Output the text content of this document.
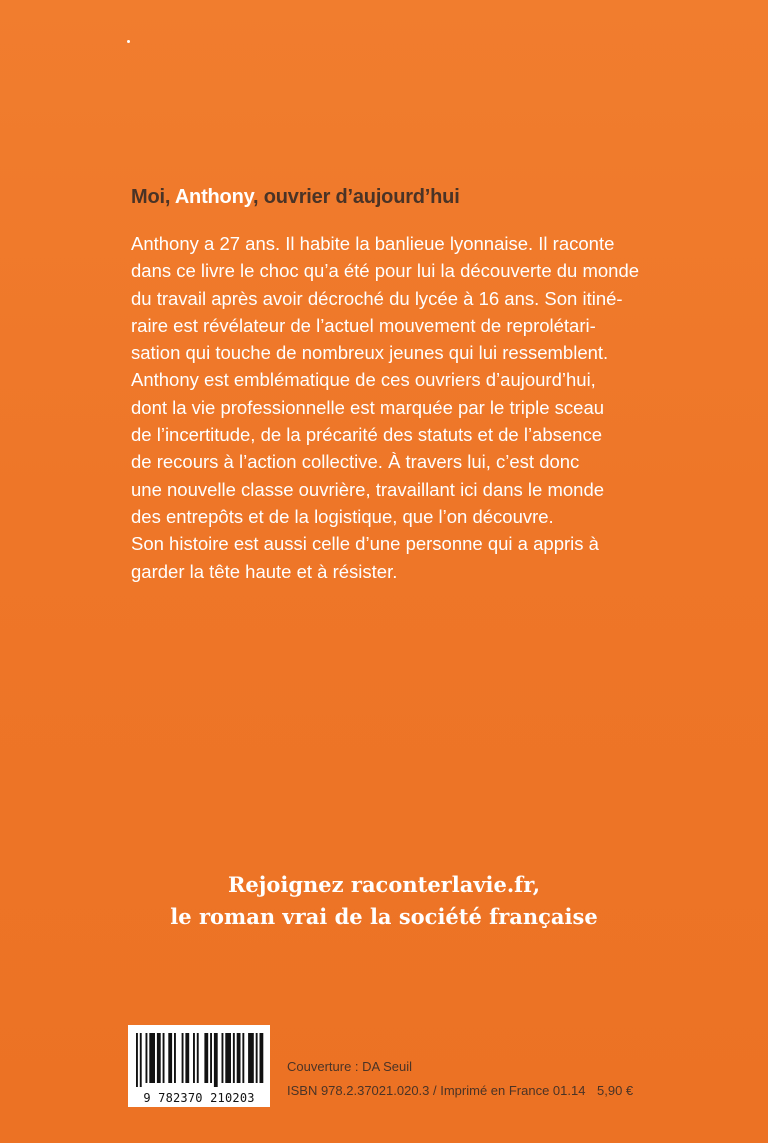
Moi, Anthony, ouvrier d’aujourd’hui

Anthony a 27 ans. Il habite la banlieue lyonnaise. Il raconte
dans ce livre le choc qu’a été pour lui la découverte du monde
du travail après avoir décroché du lycée à 16 ans. Son itiné-
raire est révélateur de l’actuel mouvement de reprolétari-
sation qui touche de nombreux jeunes qui lui ressemblent.
Anthony est emblématique de ces ouvriers d’aujourd’hui,
dont la vie professionnelle est marquée par le triple sceau
de l’incertitude, de la précarité des statuts et de l’absence
de recours à l’action collective. À travers lui, c’est donc
une nouvelle classe ouvrière, travaillant ici dans le monde
des entrepôts et de la logistique, que l’on découvre.
Son histoire est aussi celle d’une personne qui a appris à
garder la tête haute et à résister.

Rejoignez raconterlavie.fr,
le roman vrai de la société française
9 782370 210203
Couverture : DA Seuil
ISBN 978.2.37021.020.3 / Imprimé en France 01.14 5,90 €
